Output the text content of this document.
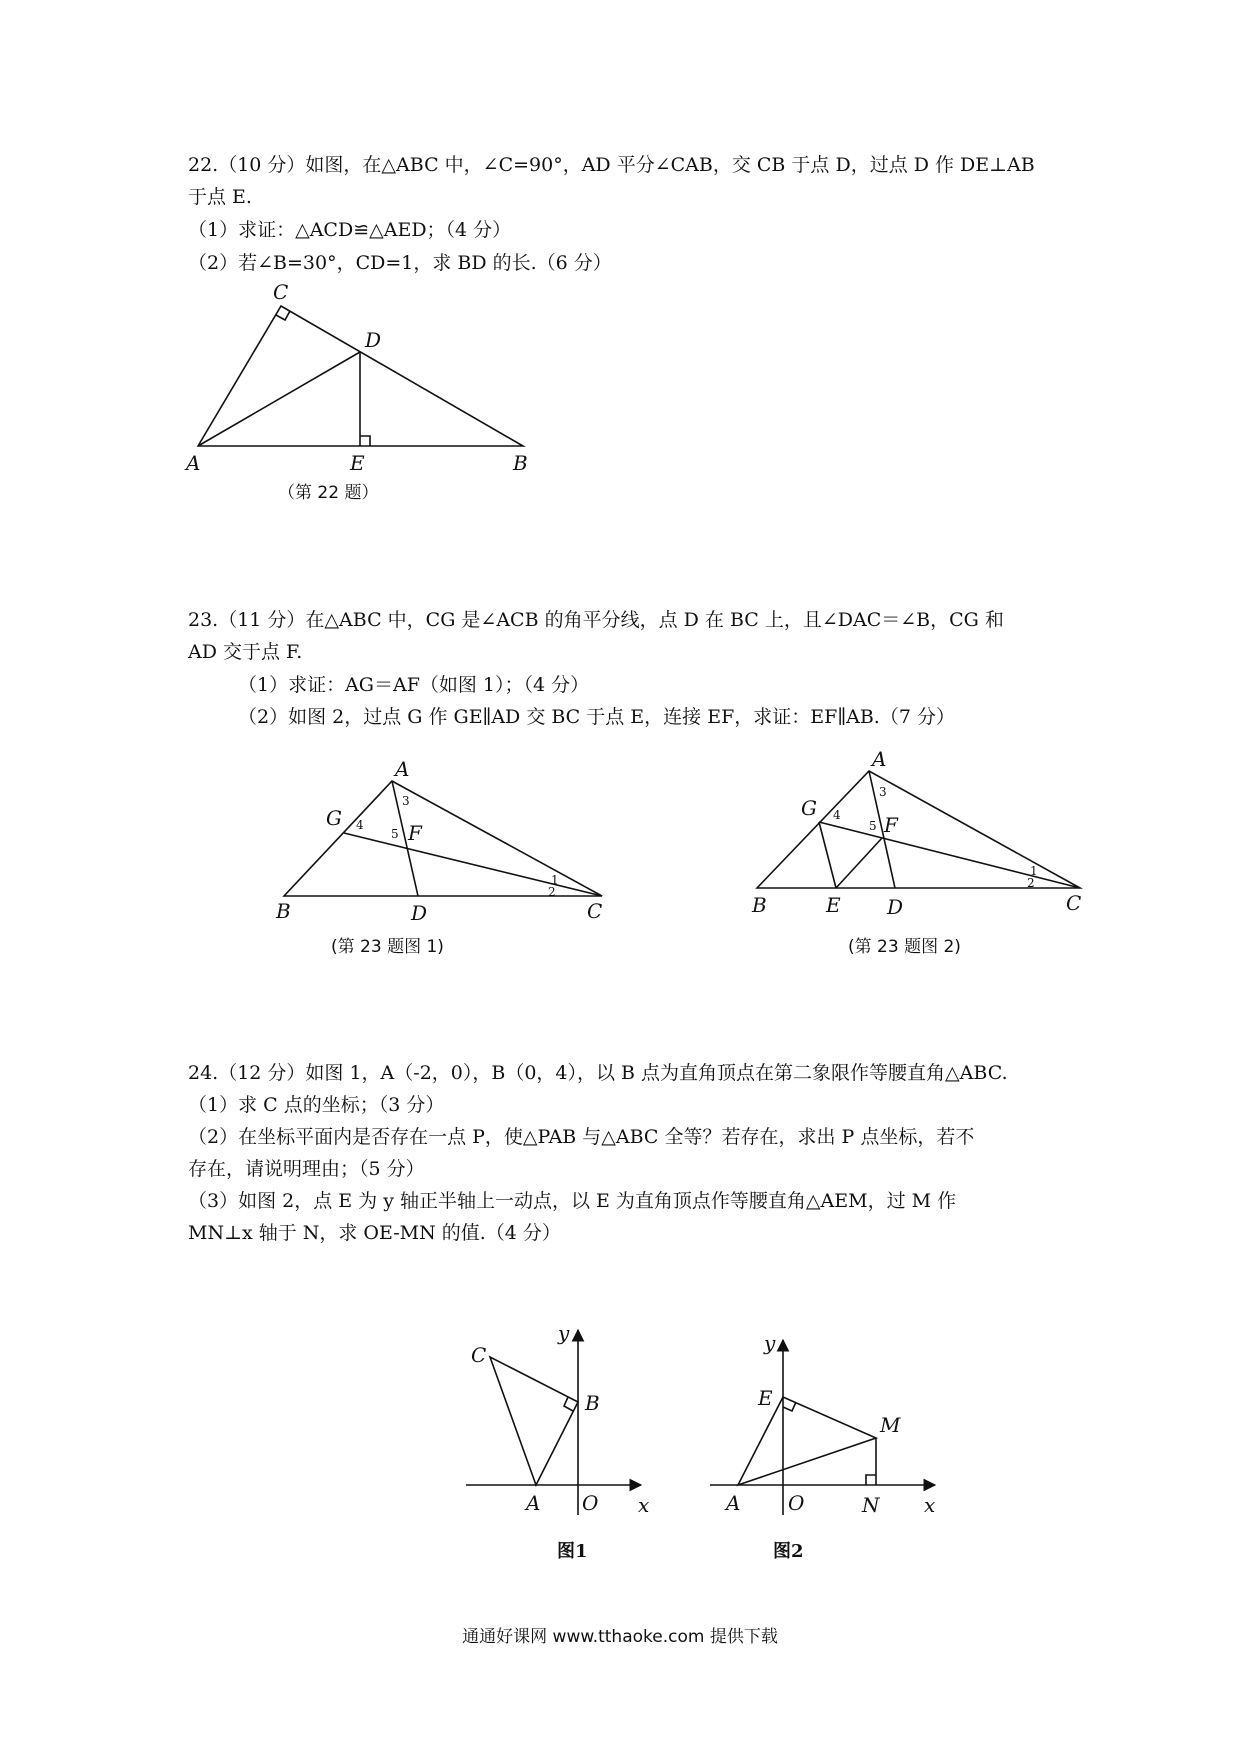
22.（10 分）如图，在△ABC 中，∠C=90°，AD 平分∠CAB，交 CB 于点 D，过点 D 作 DE⊥AB
于点 E.
（1）求证：△ACD≌△AED；（4 分）
（2）若∠B=30°，CD=1，求 BD 的长.（6 分）
23.（11 分）在△ABC 中，CG 是∠ACB 的角平分线，点 D 在 BC 上，且∠DAC＝∠B，CG 和
AD 交于点 F.
（1）求证：AG＝AF（如图 1）；（4 分）
（2）如图 2，过点 G 作 GE∥AD 交 BC 于点 E，连接 EF，求证：EF∥AB.（7 分）
24.（12 分）如图 1，A（-2，0），B（0，4），以 B 点为直角顶点在第二象限作等腰直角△ABC.
（1）求 C 点的坐标；（3 分）
（2）在坐标平面内是否存在一点 P，使△PAB 与△ABC 全等？若存在，求出 P 点坐标，若不
存在，请说明理由；（5 分）
（3）如图 2，点 E 为 y 轴正半轴上一动点，以 E 为直角顶点作等腰直角△AEM，过 M 作
MN⊥x 轴于 N，求 OE-MN 的值.（4 分）
（第 22 题）
(第 23 题图 1)	(第 23 题图 2)
图1	图2
C
D
A	E	B
A
G
F
B	D	C
3
4
5
1
2
A
G
F
B	E D	C
3
4
5
1
2
y
x
O
A
B
C	y
x
O
A
E
M
N
通通好课网 www.tthaoke.com 提供下载
